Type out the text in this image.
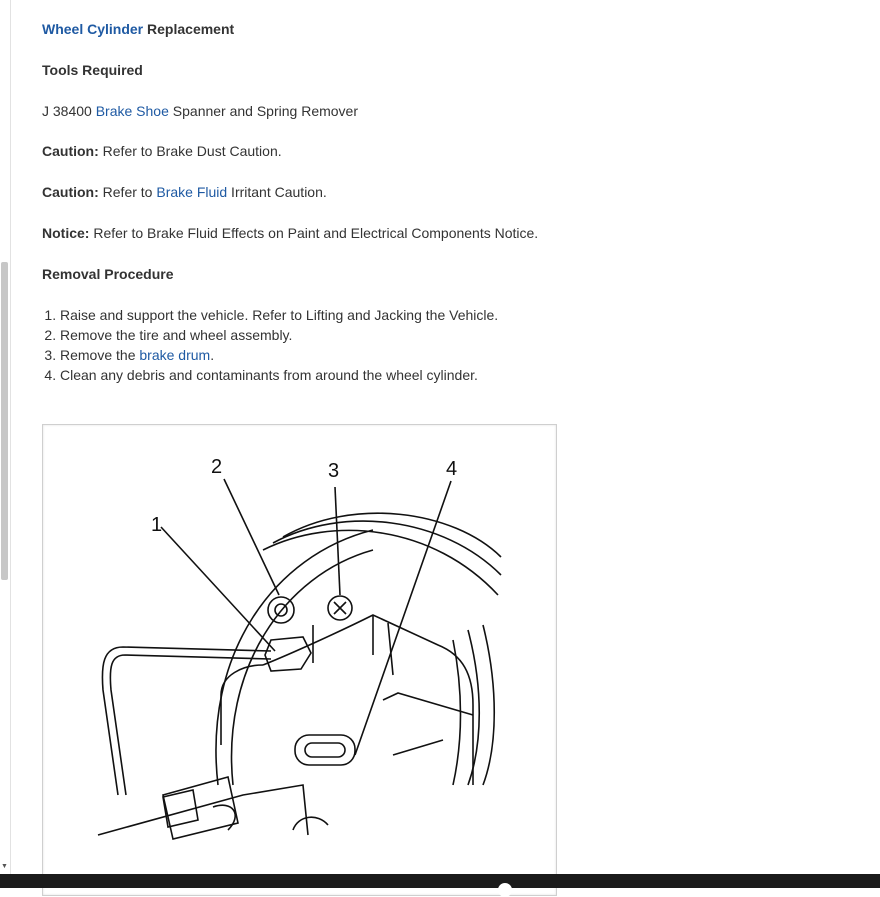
▼
Wheel Cylinder Replacement
Tools Required
J 38400 Brake Shoe Spanner and Spring Remover
Caution: Refer to Brake Dust Caution.
Caution: Refer to Brake Fluid Irritant Caution.
Notice: Refer to Brake Fluid Effects on Paint and Electrical Components Notice.
Removal Procedure
1. Raise and support the vehicle. Refer to Lifting and Jacking the Vehicle.
2. Remove the tire and wheel assembly.
3. Remove the brake drum.
4. Clean any debris and contaminants from around the wheel cylinder.
1
2	3	4
